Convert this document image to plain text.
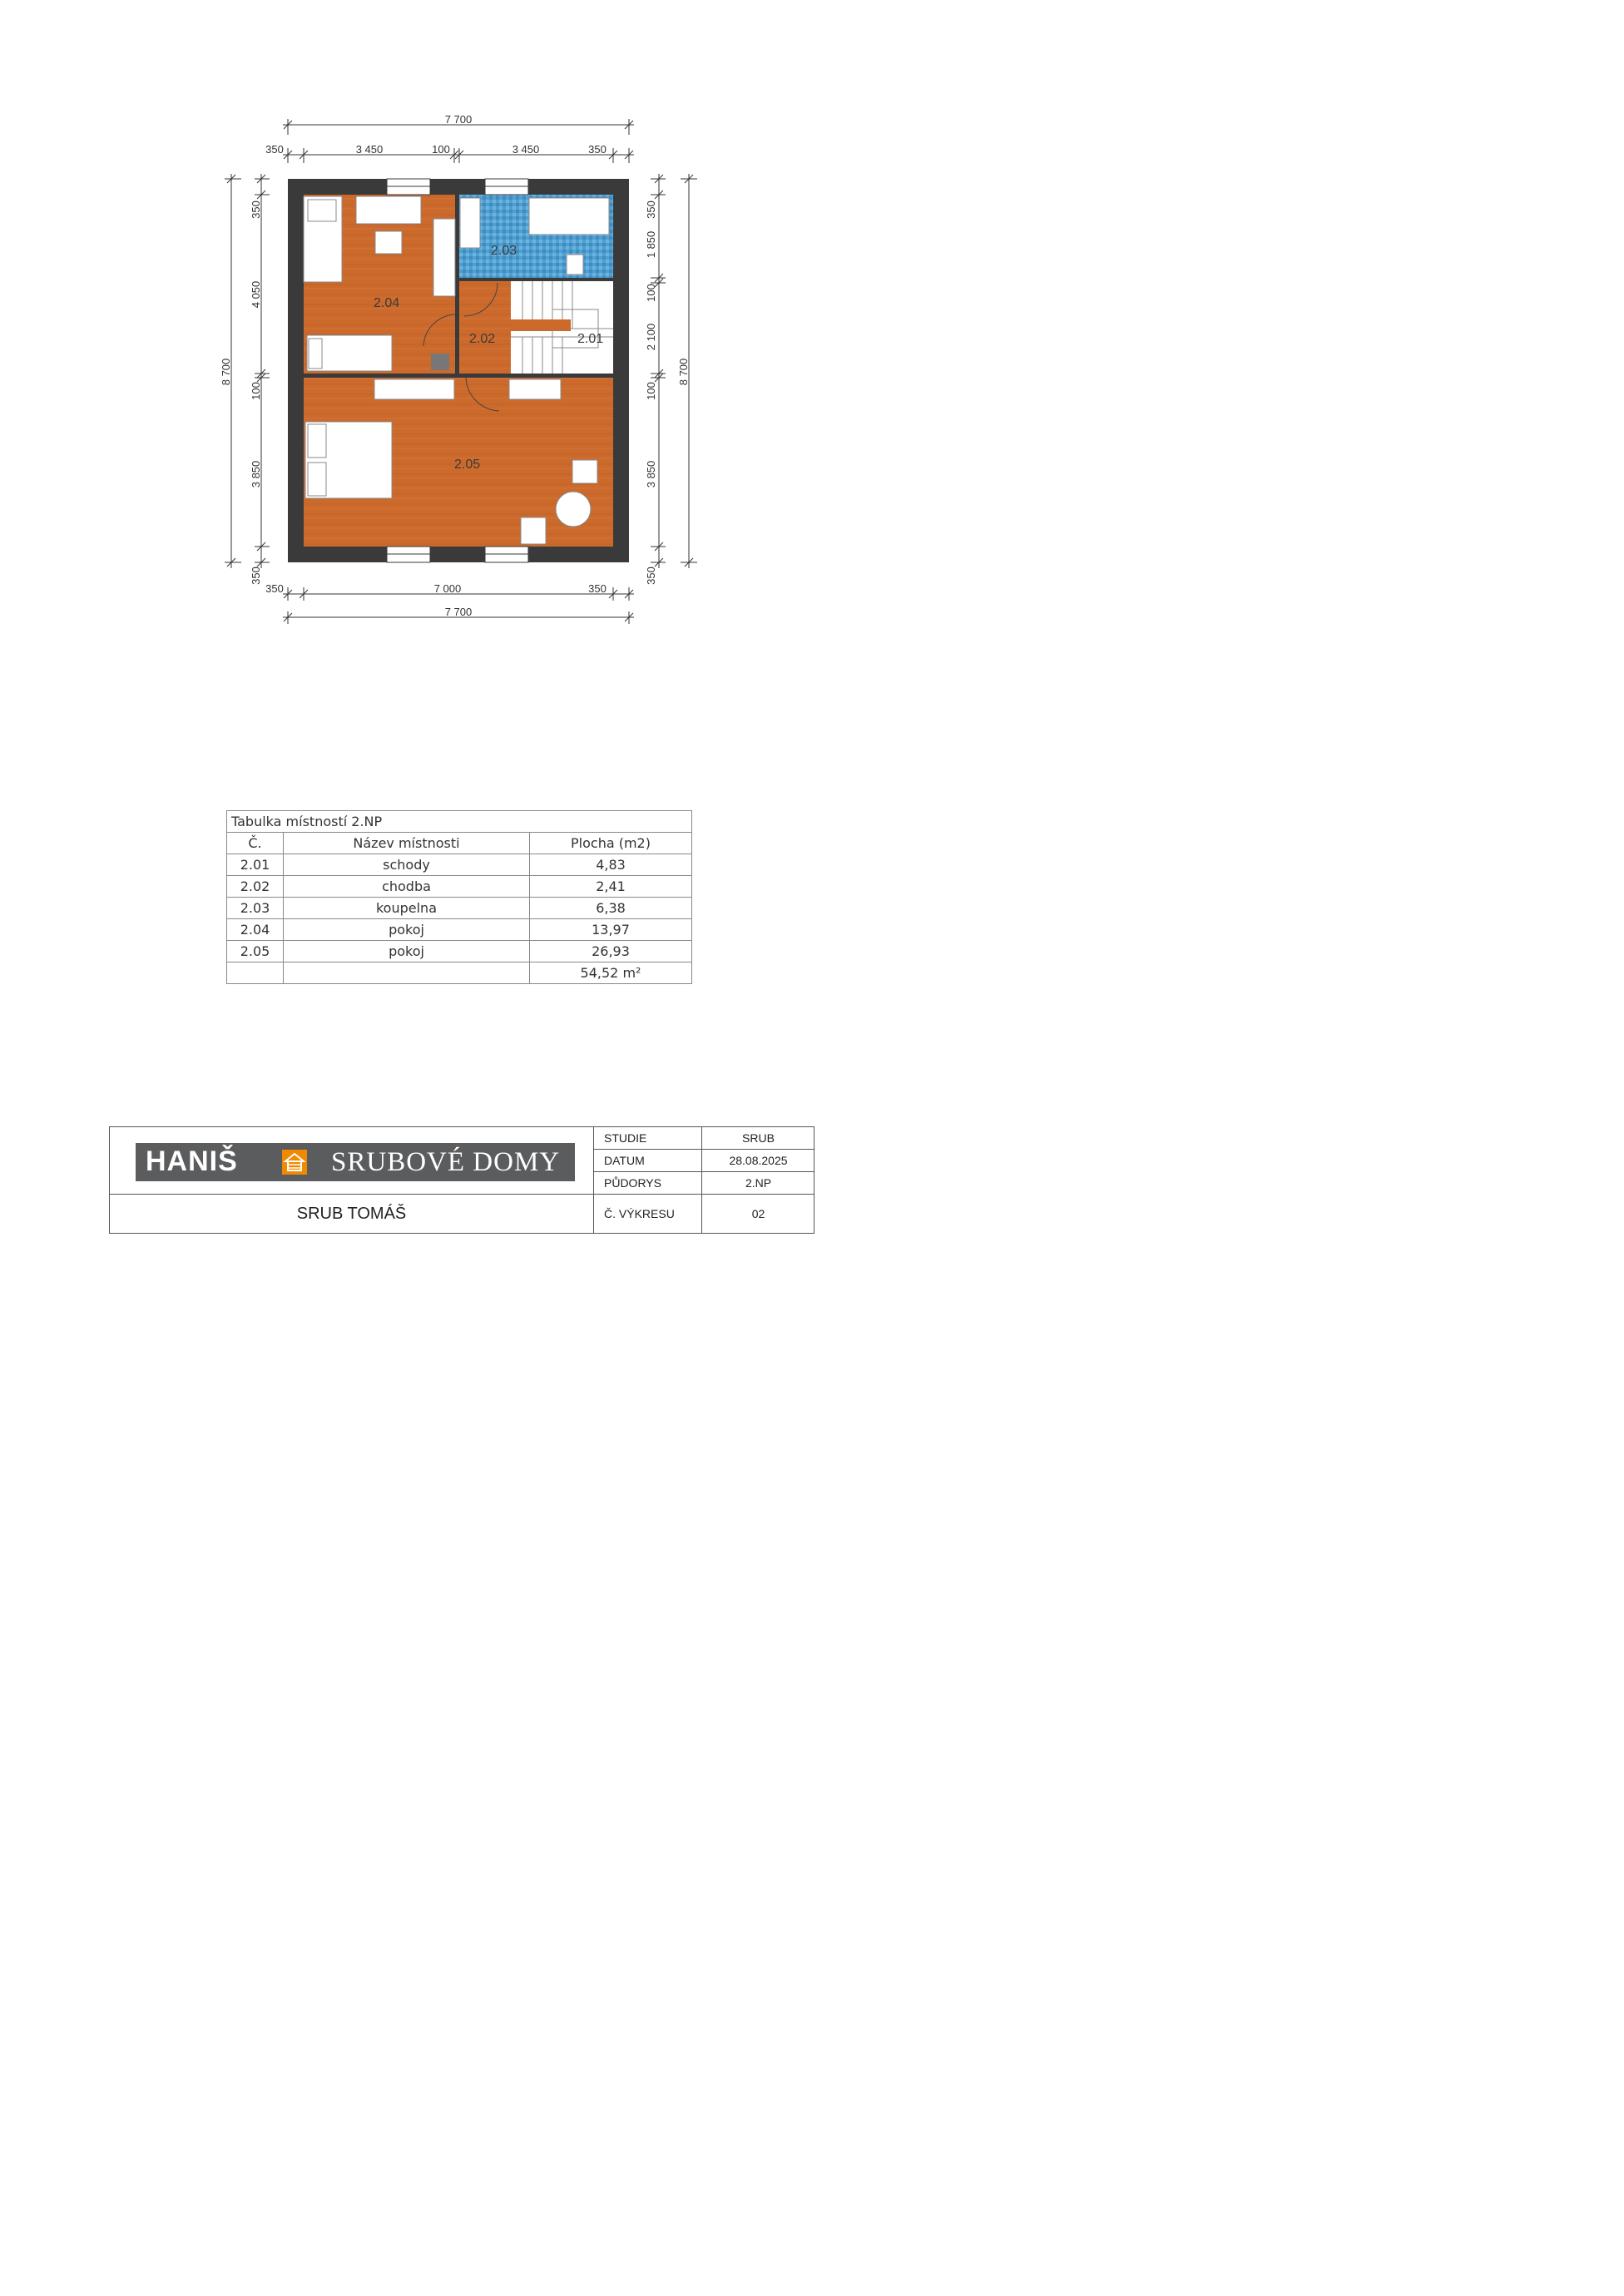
7 700
350	3 450	100	3 450	350
350	7 000	350
7 700
8 700
350
4 050
100
3 850
350
350
1 850
100
2 100
100
3 850
350
8 700
2.01
2.02
2.03
2.04
2.05
Tabulka místností 2.NP		
Č.	Název místnosti	Plocha (m2)
2.01	schody	4,83
2.02	chodba	2,41
2.03	koupelna	6,38
2.04	pokoj	13,97
2.05	pokoj	26,93
		54,52 m²
HANIŠ	SRUBOVÉ DOMY
SRUB TOMÁŠ
STUDIE	SRUB
DATUM	28.08.2025
PŮDORYS	2.NP
Č. VÝKRESU	02
